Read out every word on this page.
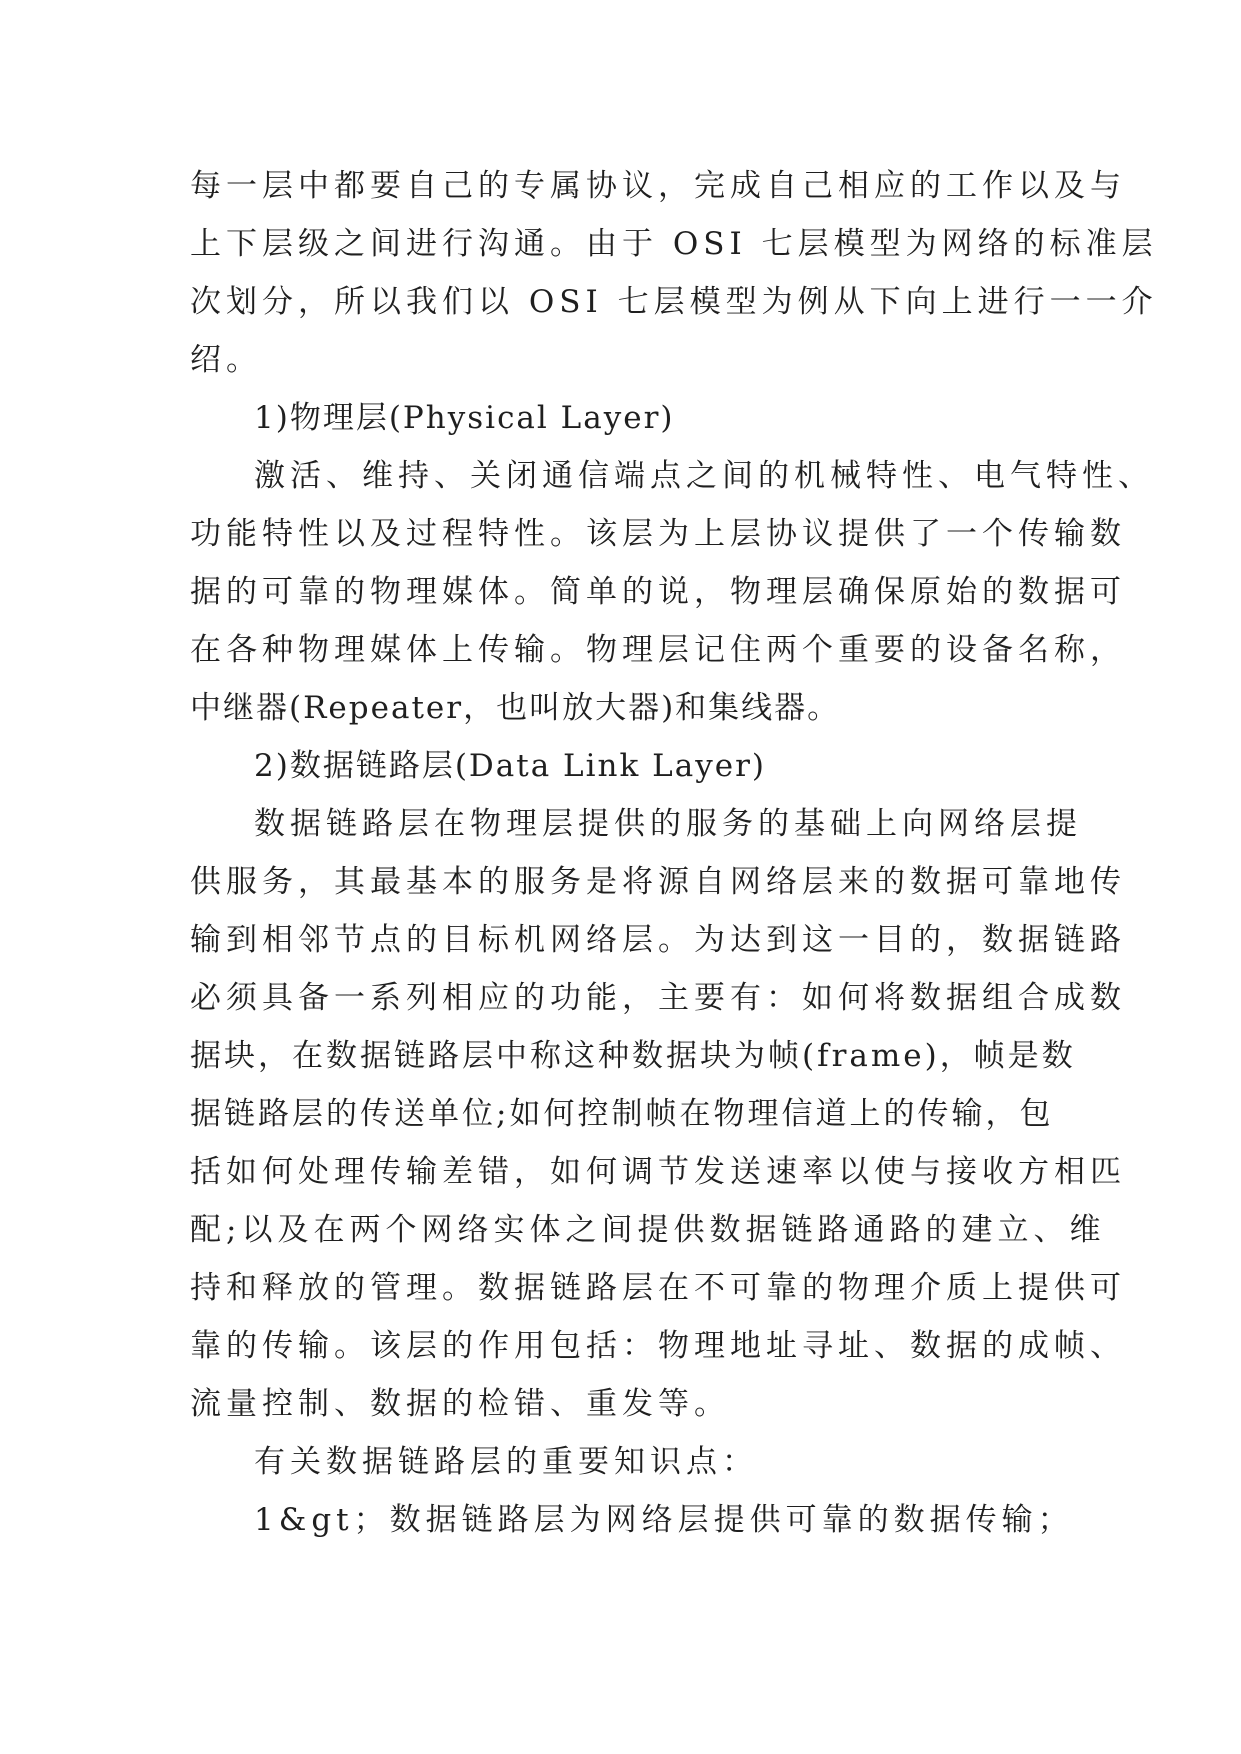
每一层中都要自己的专属协议，完成自己相应的工作以及与

上下层级之间进行沟通。由于 OSI 七层模型为网络的标准层

次划分，所以我们以 OSI 七层模型为例从下向上进行一一介

绍。

1)物理层(Physical Layer)

激活、维持、关闭通信端点之间的机械特性、电气特性、

功能特性以及过程特性。该层为上层协议提供了一个传输数

据的可靠的物理媒体。简单的说，物理层确保原始的数据可

在各种物理媒体上传输。物理层记住两个重要的设备名称，

中继器(Repeater，也叫放大器)和集线器。

2)数据链路层(Data Link Layer)

数据链路层在物理层提供的服务的基础上向网络层提

供服务，其最基本的服务是将源自网络层来的数据可靠地传

输到相邻节点的目标机网络层。为达到这一目的，数据链路

必须具备一系列相应的功能，主要有：如何将数据组合成数

据块，在数据链路层中称这种数据块为帧(frame)，帧是数

据链路层的传送单位;如何控制帧在物理信道上的传输，包

括如何处理传输差错，如何调节发送速率以使与接收方相匹

配;以及在两个网络实体之间提供数据链路通路的建立、维

持和释放的管理。数据链路层在不可靠的物理介质上提供可

靠的传输。该层的作用包括：物理地址寻址、数据的成帧、

流量控制、数据的检错、重发等。

有关数据链路层的重要知识点：

1&gt；数据链路层为网络层提供可靠的数据传输；
